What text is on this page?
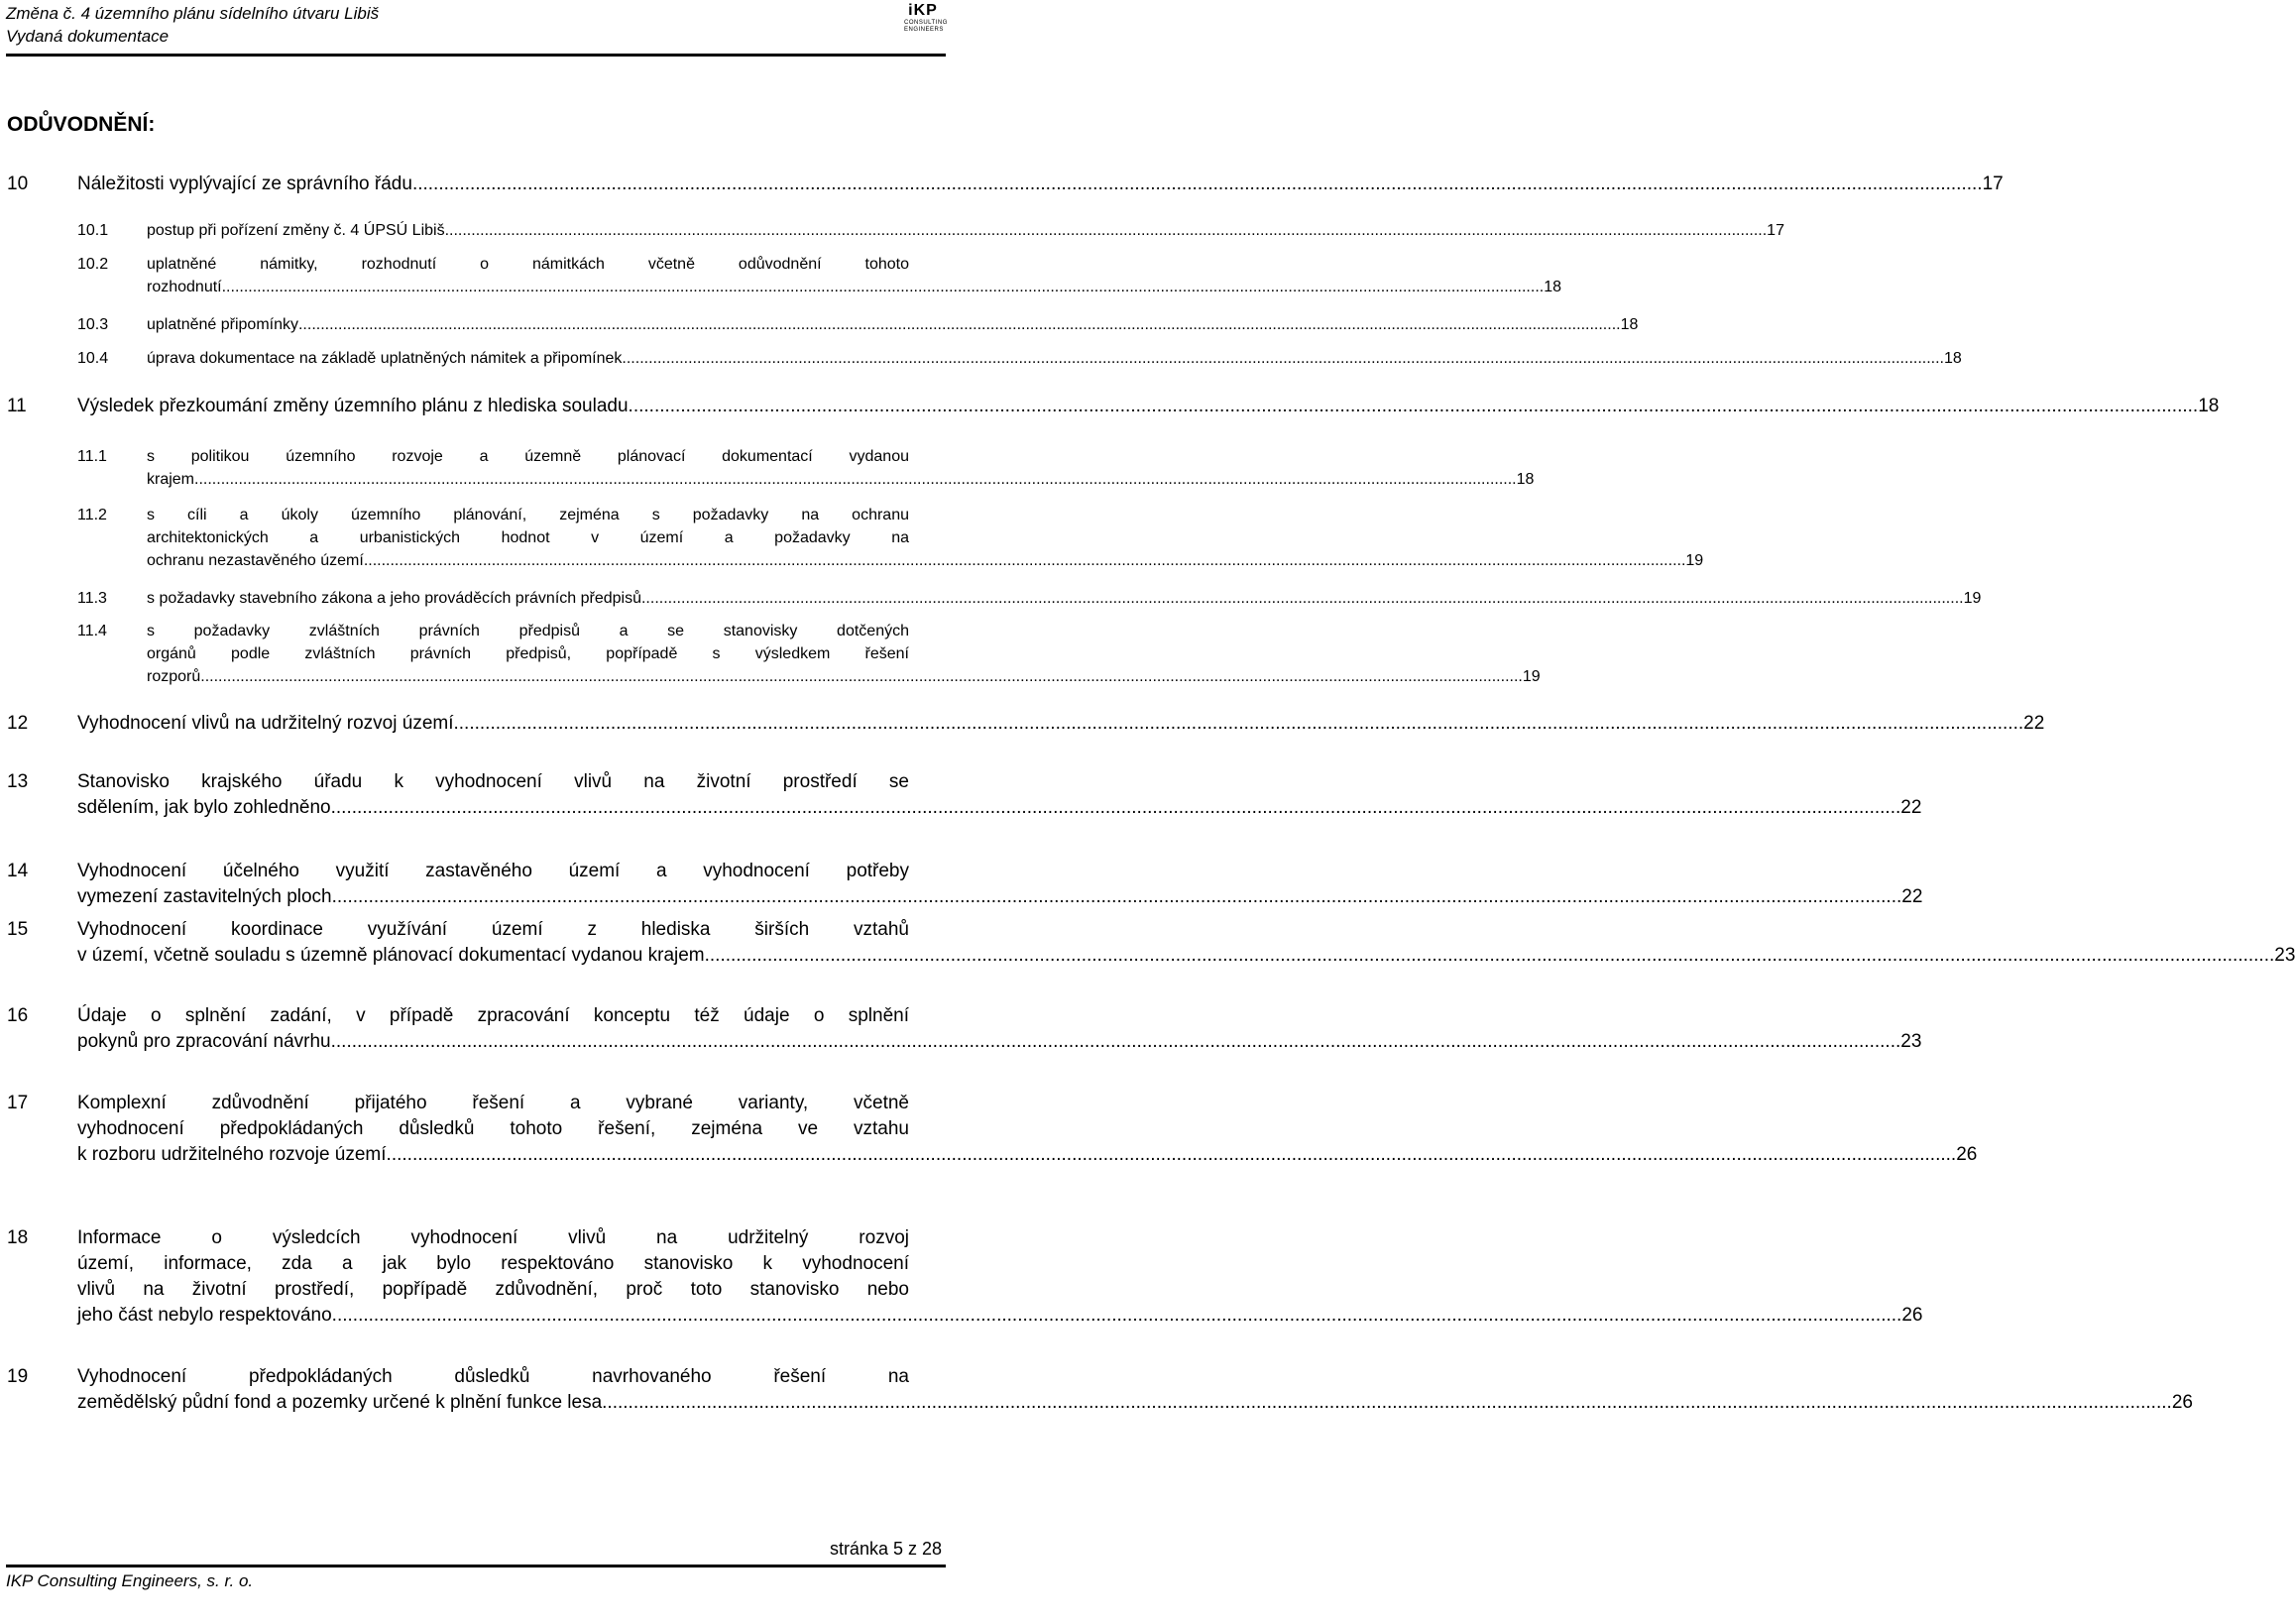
Změna č. 4 územního plánu sídelního útvaru Libiš
Vydaná dokumentace
iKP
CONSULTING
ENGINEERS
ODŮVODNĚNÍ:
10	Náležitosti vyplývající ze správního řádu ............................................................................................................................................................................................................................................................................................................ 17
10.1 postup při pořízení změny č. 4 ÚPSÚ Libiš ............................................................................................................................................................................................................................................................................................................ 17
10.2 uplatněné námitky, rozhodnutí o námitkách včetně odůvodnění tohoto
rozhodnutí ............................................................................................................................................................................................................................................................................................................ 18
10.3 uplatněné připomínky ............................................................................................................................................................................................................................................................................................................ 18
10.4 úprava dokumentace na základě uplatněných námitek a připomínek ............................................................................................................................................................................................................................................................................................................ 18
11	Výsledek přezkoumání změny územního plánu z hlediska souladu ............................................................................................................................................................................................................................................................................................................ 18
11.1	s politikou územního rozvoje a územně plánovací dokumentací vydanou
krajem ............................................................................................................................................................................................................................................................................................................ 18
11.2	s cíli a úkoly územního plánování, zejména s požadavky na ochranu
architektonických a urbanistických hodnot v území a požadavky na
ochranu nezastavěného území ............................................................................................................................................................................................................................................................................................................ 19
11.3	s požadavky stavebního zákona a jeho prováděcích právních předpisů ............................................................................................................................................................................................................................................................................................................ 19
11.4	s požadavky zvláštních právních předpisů a se stanovisky dotčených
orgánů podle zvláštních právních předpisů, popřípadě s výsledkem řešení
rozporů ............................................................................................................................................................................................................................................................................................................ 19
12	Vyhodnocení vlivů na udržitelný rozvoj území ............................................................................................................................................................................................................................................................................................................ 22
13	Stanovisko krajského úřadu k vyhodnocení vlivů na životní prostředí se
sdělením, jak bylo zohledněno ............................................................................................................................................................................................................................................................................................................ 22
14	Vyhodnocení účelného využití zastavěného území a vyhodnocení potřeby
vymezení zastavitelných ploch ............................................................................................................................................................................................................................................................................................................ 22
15	Vyhodnocení koordinace využívání území z hlediska širších vztahů
v území, včetně souladu s územně plánovací dokumentací vydanou krajem ............................................................................................................................................................................................................................................................................................................ 23
16	Údaje o splnění zadání, v případě zpracování konceptu též údaje o splnění
pokynů pro zpracování návrhu ............................................................................................................................................................................................................................................................................................................ 23
17	Komplexní zdůvodnění přijatého řešení a vybrané varianty, včetně
vyhodnocení předpokládaných důsledků tohoto řešení, zejména ve vztahu
k rozboru udržitelného rozvoje území ............................................................................................................................................................................................................................................................................................................ 26
18	Informace o výsledcích vyhodnocení vlivů na udržitelný rozvoj
území, informace, zda a jak bylo respektováno stanovisko k vyhodnocení
vlivů na životní prostředí, popřípadě zdůvodnění, proč toto stanovisko nebo
jeho část nebylo respektováno ............................................................................................................................................................................................................................................................................................................ 26
19	Vyhodnocení předpokládaných důsledků navrhovaného řešení na
zemědělský půdní fond a pozemky určené k plnění funkce lesa ............................................................................................................................................................................................................................................................................................................ 26
stránka 5 z 28
IKP Consulting Engineers, s. r. o.
